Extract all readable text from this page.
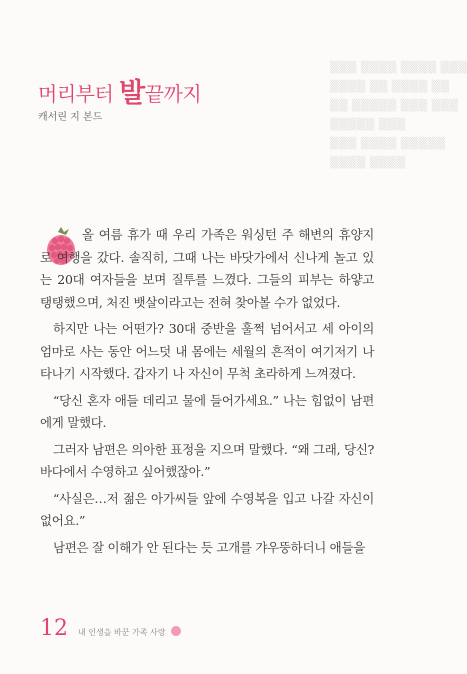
▒▒▒ ▒▒▒▒ ▒▒▒▒ ▒▒▒
▒▒▒▒ ▒▒ ▒▒▒▒ ▒▒
▒▒ ▒▒▒▒▒ ▒▒▒ ▒▒▒
▒▒▒▒▒ ▒▒▒
▒▒▒ ▒▒▒▒ ▒▒▒▒▒
▒▒▒▒ ▒▒▒▒
머리부터 발끝까지
캐서린 지 본드

올 여름 휴가 때 우리 가족은 워싱턴 주 해변의 휴양지로 여행을 갔다. 솔직히, 그때 나는 바닷가에서 신나게 놀고 있는 20대 여자들을 보며 질투를 느꼈다. 그들의 피부는 하얗고 탱탱했으며, 처진 뱃살이라고는 전혀 찾아볼 수가 없었다.

하지만 나는 어떤가? 30대 중반을 훌쩍 넘어서고 세 아이의 엄마로 사는 동안 어느덧 내 몸에는 세월의 흔적이 여기저기 나타나기 시작했다. 갑자기 나 자신이 무척 초라하게 느껴졌다.

“당신 혼자 애들 데리고 물에 들어가세요.” 나는 힘없이 남편에게 말했다.

그러자 남편은 의아한 표정을 지으며 말했다. “왜 그래, 당신? 바다에서 수영하고 싶어했잖아.”

“사실은…저 젊은 아가씨들 앞에 수영복을 입고 나갈 자신이 없어요.”

남편은 잘 이해가 안 된다는 듯 고개를 갸우뚱하더니 애들을

12 내 인생을 바꾼 가족 사랑
